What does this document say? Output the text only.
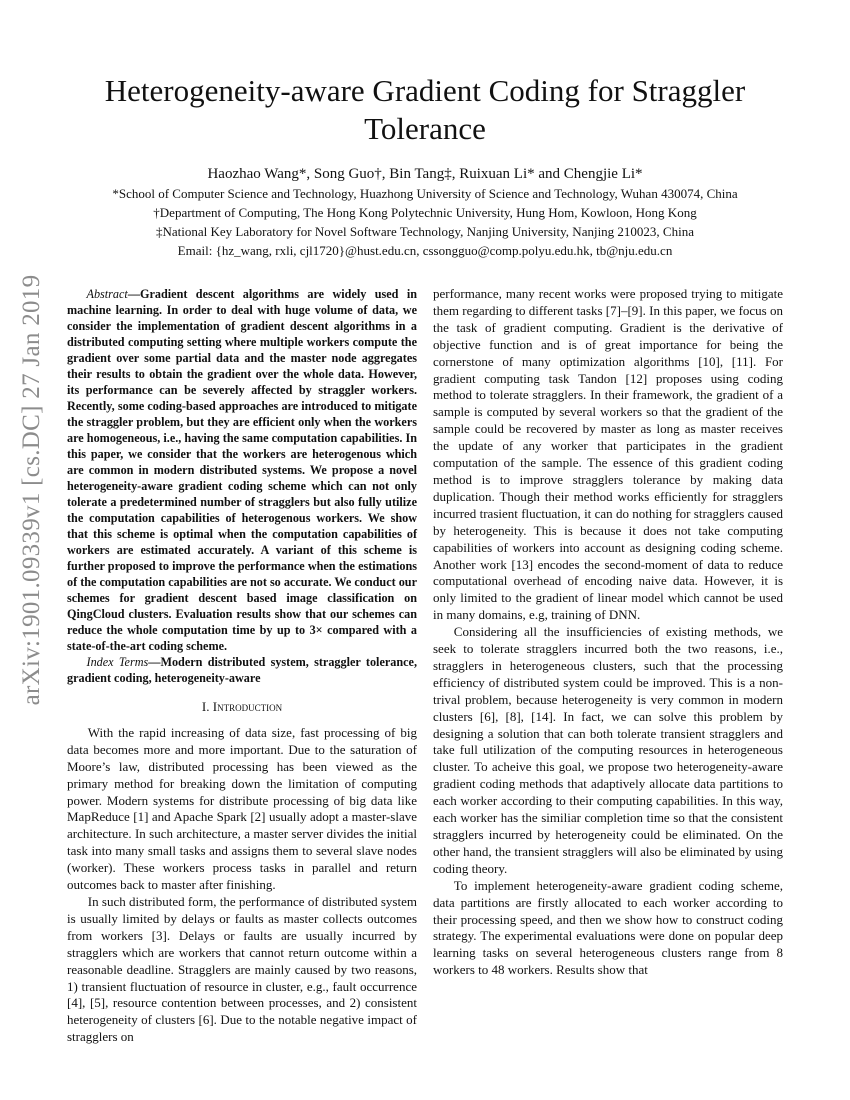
arXiv:1901.09339v1 [cs.DC] 27 Jan 2019
Heterogeneity-aware Gradient Coding for Straggler
Tolerance
Haozhao Wang*, Song Guo†, Bin Tang‡, Ruixuan Li* and Chengjie Li*
*School of Computer Science and Technology, Huazhong University of Science and Technology, Wuhan 430074, China
†Department of Computing, The Hong Kong Polytechnic University, Hung Hom, Kowloon, Hong Kong
‡National Key Laboratory for Novel Software Technology, Nanjing University, Nanjing 210023, China
Email: {hz_wang, rxli, cjl1720}@hust.edu.cn, cssongguo@comp.polyu.edu.hk, tb@nju.edu.cn

Abstract—Gradient descent algorithms are widely used in machine learning. In order to deal with huge volume of data, we consider the implementation of gradient descent algorithms in a distributed computing setting where multiple workers compute the gradient over some partial data and the master node aggregates their results to obtain the gradient over the whole data. However, its performance can be severely affected by straggler workers. Recently, some coding-based approaches are introduced to mitigate the straggler problem, but they are efficient only when the workers are homogeneous, i.e., having the same computation capabilities. In this paper, we consider that the workers are heterogenous which are common in modern distributed systems. We propose a novel heterogeneity-aware gradient coding scheme which can not only tolerate a predetermined number of stragglers but also fully utilize the computation capabilities of heterogenous workers. We show that this scheme is optimal when the computation capabilities of workers are estimated accurately. A variant of this scheme is further proposed to improve the performance when the estimations of the computation capabilities are not so accurate. We conduct our schemes for gradient descent based image classification on QingCloud clusters. Evaluation results show that our schemes can reduce the whole computation time by up to 3× compared with a state-of-the-art coding scheme.

Index Terms—Modern distributed system, straggler tolerance, gradient coding, heterogeneity-aware

I. Introduction

With the rapid increasing of data size, fast processing of big data becomes more and more important. Due to the saturation of Moore’s law, distributed processing has been viewed as the primary method for breaking down the limitation of computing power. Modern systems for distribute processing of big data like MapReduce [1] and Apache Spark [2] usually adopt a master-slave architecture. In such architecture, a master server divides the initial task into many small tasks and assigns them to several slave nodes (worker). These workers process tasks in parallel and return outcomes back to master after finishing.

In such distributed form, the performance of distributed system is usually limited by delays or faults as master collects outcomes from workers [3]. Delays or faults are usually incurred by stragglers which are workers that cannot return outcome within a reasonable deadline. Stragglers are mainly caused by two reasons, 1) transient fluctuation of resource in cluster, e.g., fault occurrence [4], [5], resource contention between processes, and 2) consistent heterogeneity of clusters [6]. Due to the notable negative impact of stragglers on

performance, many recent works were proposed trying to mitigate them regarding to different tasks [7]–[9]. In this paper, we focus on the task of gradient computing. Gradient is the derivative of objective function and is of great importance for being the cornerstone of many optimization algorithms [10], [11]. For gradient computing task Tandon [12] proposes using coding method to tolerate stragglers. In their framework, the gradient of a sample is computed by several workers so that the gradient of the sample could be recovered by master as long as master receives the update of any worker that participates in the gradient computation of the sample. The essence of this gradient coding method is to improve stragglers tolerance by making data duplication. Though their method works efficiently for stragglers incurred trasient fluctuation, it can do nothing for stragglers caused by heterogeneity. This is because it does not take computing capabilities of workers into account as designing coding scheme. Another work [13] encodes the second-moment of data to reduce computational overhead of encoding naive data. However, it is only limited to the gradient of linear model which cannot be used in many domains, e.g, training of DNN.

Considering all the insufficiencies of existing methods, we seek to tolerate stragglers incurred both the two reasons, i.e., stragglers in heterogeneous clusters, such that the processing efficiency of distributed system could be improved. This is a non-trival problem, because heterogeneity is very common in modern clusters [6], [8], [14]. In fact, we can solve this problem by designing a solution that can both tolerate transient stragglers and take full utilization of the computing resources in heterogeneous cluster. To acheive this goal, we propose two heterogeneity-aware gradient coding methods that adaptively allocate data partitions to each worker according to their computing capabilities. In this way, each worker has the similiar completion time so that the consistent stragglers incurred by heterogeneity could be eliminated. On the other hand, the transient stragglers will also be eliminated by using coding theory.

To implement heterogeneity-aware gradient coding scheme, data partitions are firstly allocated to each worker according to their processing speed, and then we show how to construct coding strategy. The experimental evaluations were done on popular deep learning tasks on several heterogeneous clusters range from 8 workers to 48 workers. Results show that
